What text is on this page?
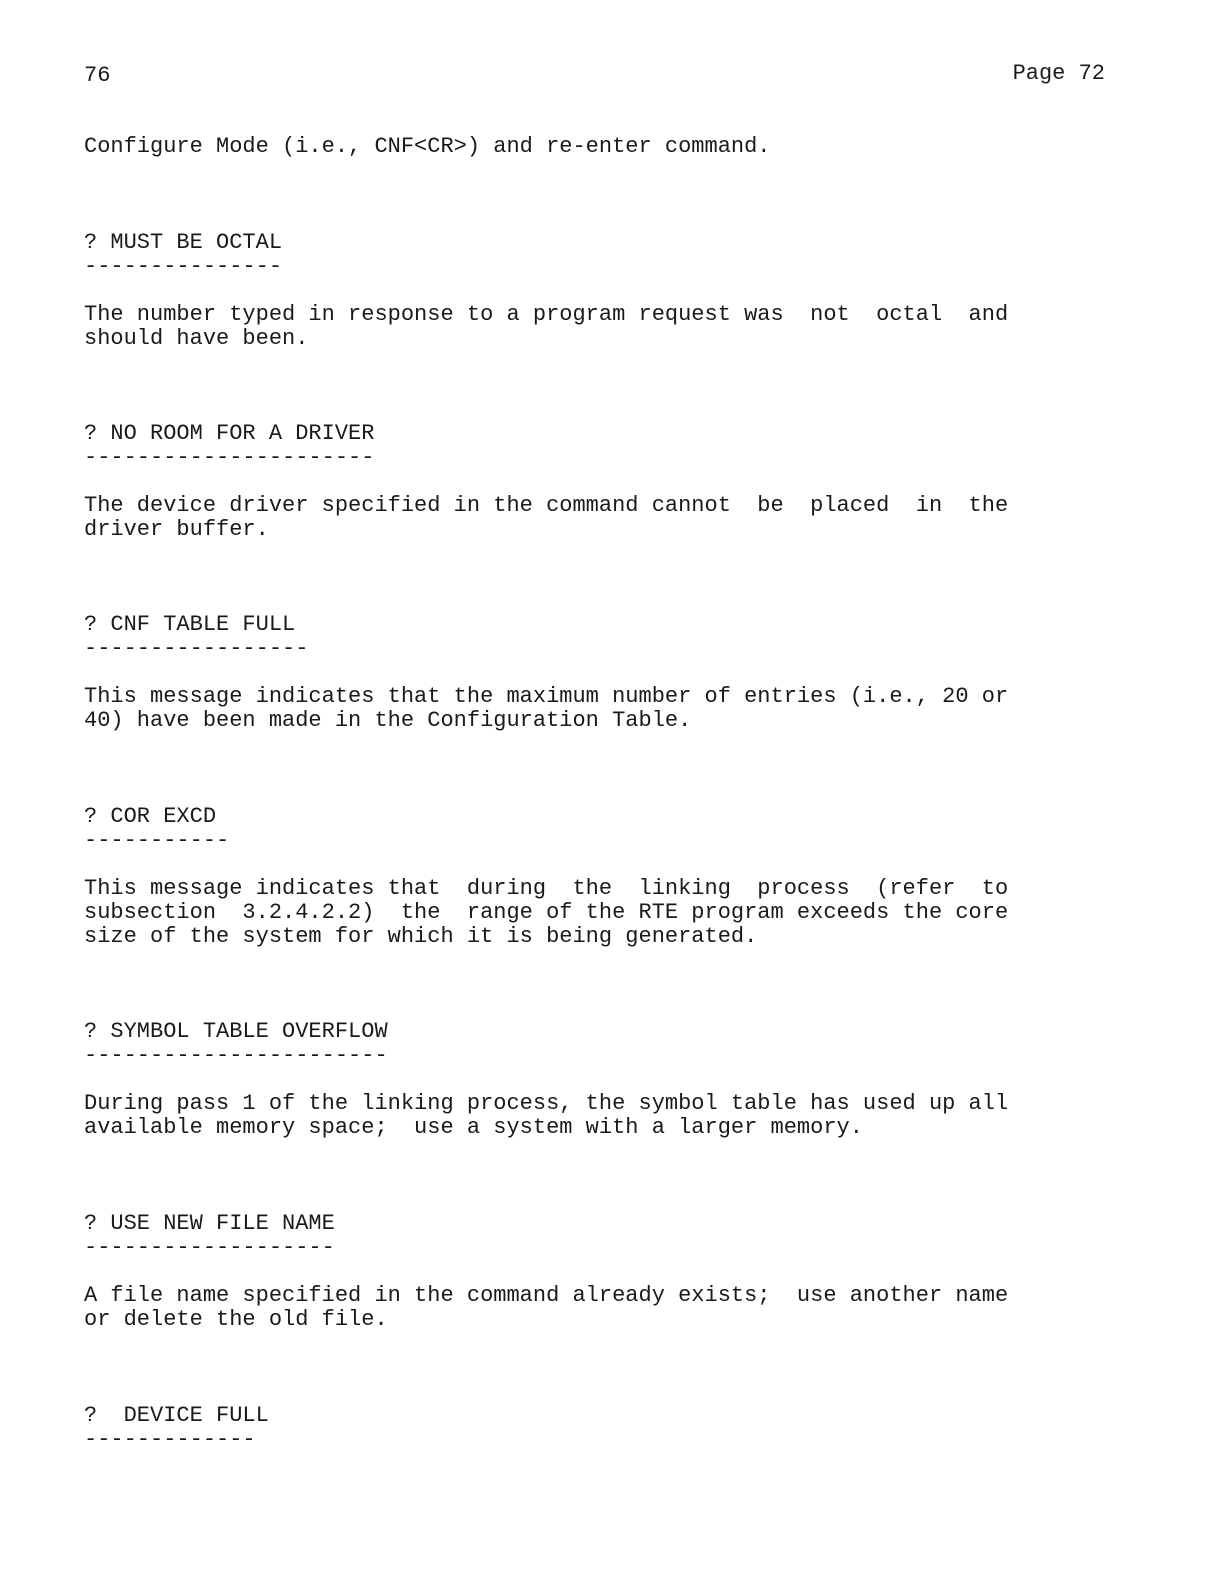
76	Page 72
Configure Mode (i.e., CNF<CR>) and re-enter command.
? MUST BE OCTAL
---------------
The number typed in response to a program request was  not  octal  and
should have been.
? NO ROOM FOR A DRIVER
----------------------
The device driver specified in the command cannot  be  placed  in  the
driver buffer.
? CNF TABLE FULL
-----------------
This message indicates that the maximum number of entries (i.e., 20 or
40) have been made in the Configuration Table.
? COR EXCD
-----------
This message indicates that  during  the  linking  process  (refer  to
subsection  3.2.4.2.2)  the  range of the RTE program exceeds the core
size of the system for which it is being generated.
? SYMBOL TABLE OVERFLOW
-----------------------
During pass 1 of the linking process, the symbol table has used up all
available memory space;  use a system with a larger memory.
? USE NEW FILE NAME
-------------------
A file name specified in the command already exists;  use another name
or delete the old file.
?  DEVICE FULL
-------------
